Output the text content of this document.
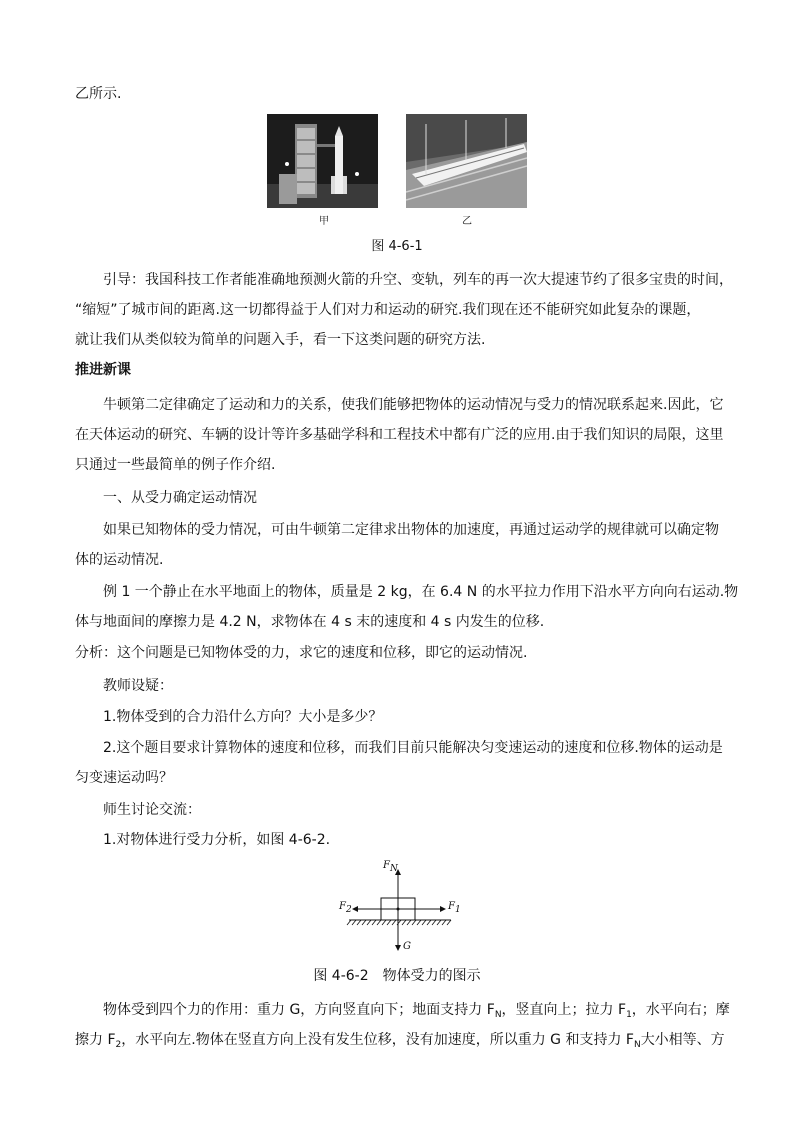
乙所示.
甲	乙
图 4-6-1
引导：我国科技工作者能准确地预测火箭的升空、变轨，列车的再一次大提速节约了很多宝贵的时间，
“缩短”了城市间的距离.这一切都得益于人们对力和运动的研究.我们现在还不能研究如此复杂的课题，
就让我们从类似较为简单的问题入手，看一下这类问题的研究方法.
推进新课
牛顿第二定律确定了运动和力的关系，使我们能够把物体的运动情况与受力的情况联系起来.因此，它
在天体运动的研究、车辆的设计等许多基础学科和工程技术中都有广泛的应用.由于我们知识的局限，这里
只通过一些最简单的例子作介绍.
一、从受力确定运动情况
如果已知物体的受力情况，可由牛顿第二定律求出物体的加速度，再通过运动学的规律就可以确定物
体的运动情况.
例 1 一个静止在水平地面上的物体，质量是 2 kg，在 6.4 N 的水平拉力作用下沿水平方向向右运动.物
体与地面间的摩擦力是 4.2 N，求物体在 4 s 末的速度和 4 s 内发生的位移.
分析：这个问题是已知物体受的力，求它的速度和位移，即它的运动情况.
教师设疑：
1.物体受到的合力沿什么方向？大小是多少？
2.这个题目要求计算物体的速度和位移，而我们目前只能解决匀变速运动的速度和位移.物体的运动是
匀变速运动吗？
师生讨论交流：
1.对物体进行受力分析，如图 4-6-2.
$F_N$
$F_2$	$F_1$
G
图 4-6-2　物体受力的图示
物体受到四个力的作用：重力 G，方向竖直向下；地面支持力 $F_N$，竖直向上；拉力 $F_1$，水平向右；摩
擦力 $F_2$，水平向左.物体在竖直方向上没有发生位移，没有加速度，所以重力 G 和支持力 $F_N$大小相等、方
